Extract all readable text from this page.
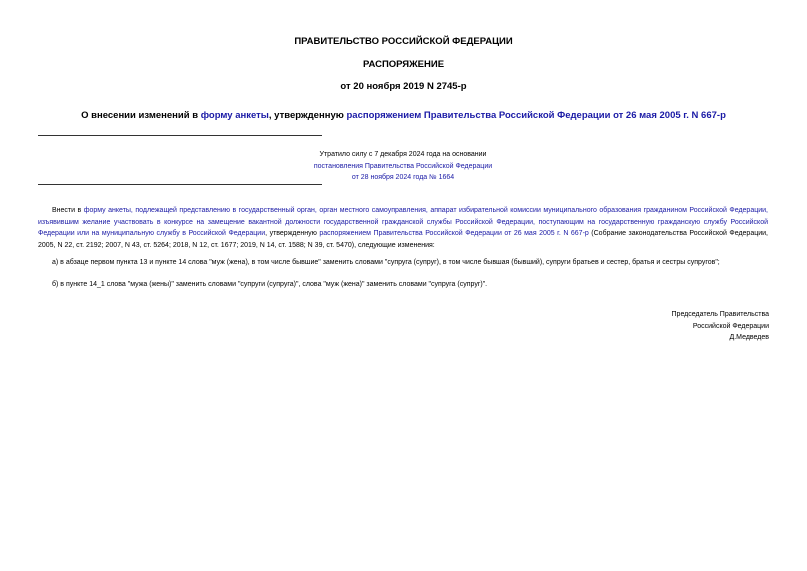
ПРАВИТЕЛЬСТВО РОССИЙСКОЙ ФЕДЕРАЦИИ
РАСПОРЯЖЕНИЕ
от 20 ноября 2019 N 2745-р
О внесении изменений в форму анкеты, утвержденную распоряжением Правительства Российской Федерации от 26 мая 2005 г. N 667-р
Утратило силу с 7 декабря 2024 года на основании
постановления Правительства Российской Федерации
от 28 ноября 2024 года № 1664
Внести в форму анкеты, подлежащей представлению в государственный орган, орган местного самоуправления, аппарат избирательной комиссии муниципального образования гражданином Российской Федерации, изъявившим желание участвовать в конкурсе на замещение вакантной должности государственной гражданской службы Российской Федерации, поступающим на государственную гражданскую службу Российской Федерации или на муниципальную службу в Российской Федерации, утвержденную распоряжением Правительства Российской Федерации от 26 мая 2005 г. N 667-р (Собрание законодательства Российской Федерации, 2005, N 22, ст. 2192; 2007, N 43, ст. 5264; 2018, N 12, ст. 1677; 2019, N 14, ст. 1588; N 39, ст. 5470), следующие изменения:
а) в абзаце первом пункта 13 и пункте 14 слова "муж (жена), в том числе бывшие" заменить словами "супруга (супруг), в том числе бывшая (бывший), супруги братьев и сестер, братья и сестры супругов";
б) в пункте 14_1 слова "мужа (жены)" заменить словами "супруги (супруга)", слова "муж (жена)" заменить словами "супруга (супруг)".
Председатель Правительства
Российской Федерации
Д.Медведев
